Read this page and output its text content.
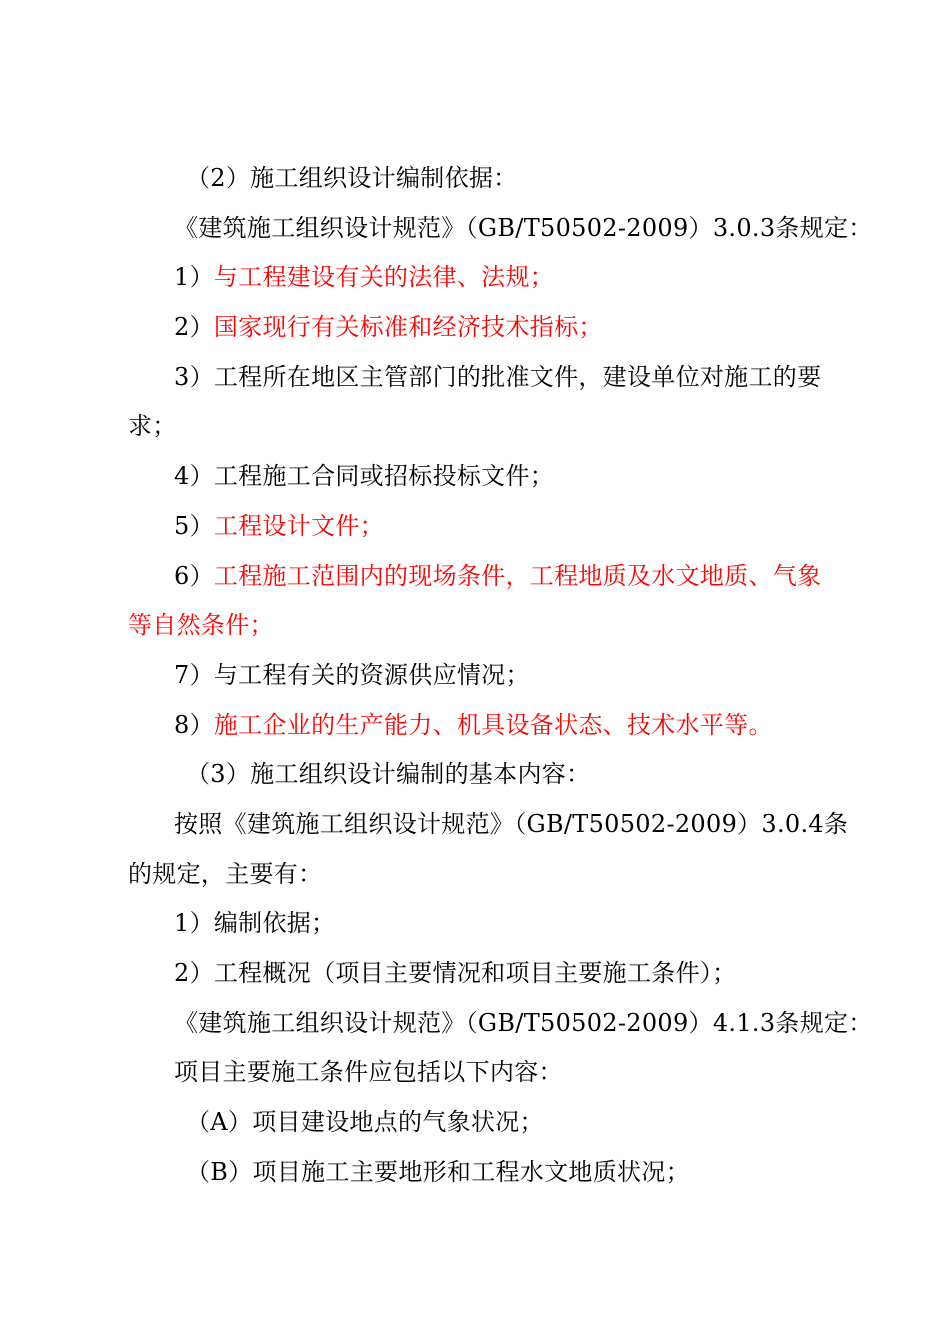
（2）施工组织设计编制依据：
《建筑施工组织设计规范》（GB/T50502-2009）3.0.3条规定：
1）与工程建设有关的法律、法规；
2）国家现行有关标准和经济技术指标；
3）工程所在地区主管部门的批准文件，建设单位对施工的要
求；
4）工程施工合同或招标投标文件；
5）工程设计文件；
6）工程施工范围内的现场条件，工程地质及水文地质、气象
等自然条件；
7）与工程有关的资源供应情况；
8）施工企业的生产能力、机具设备状态、技术水平等。
（3）施工组织设计编制的基本内容：
按照《建筑施工组织设计规范》（GB/T50502-2009）3.0.4条
的规定，主要有：
1）编制依据；
2）工程概况（项目主要情况和项目主要施工条件）；
《建筑施工组织设计规范》（GB/T50502-2009）4.1.3条规定：
项目主要施工条件应包括以下内容：
（A）项目建设地点的气象状况；
（B）项目施工主要地形和工程水文地质状况；
